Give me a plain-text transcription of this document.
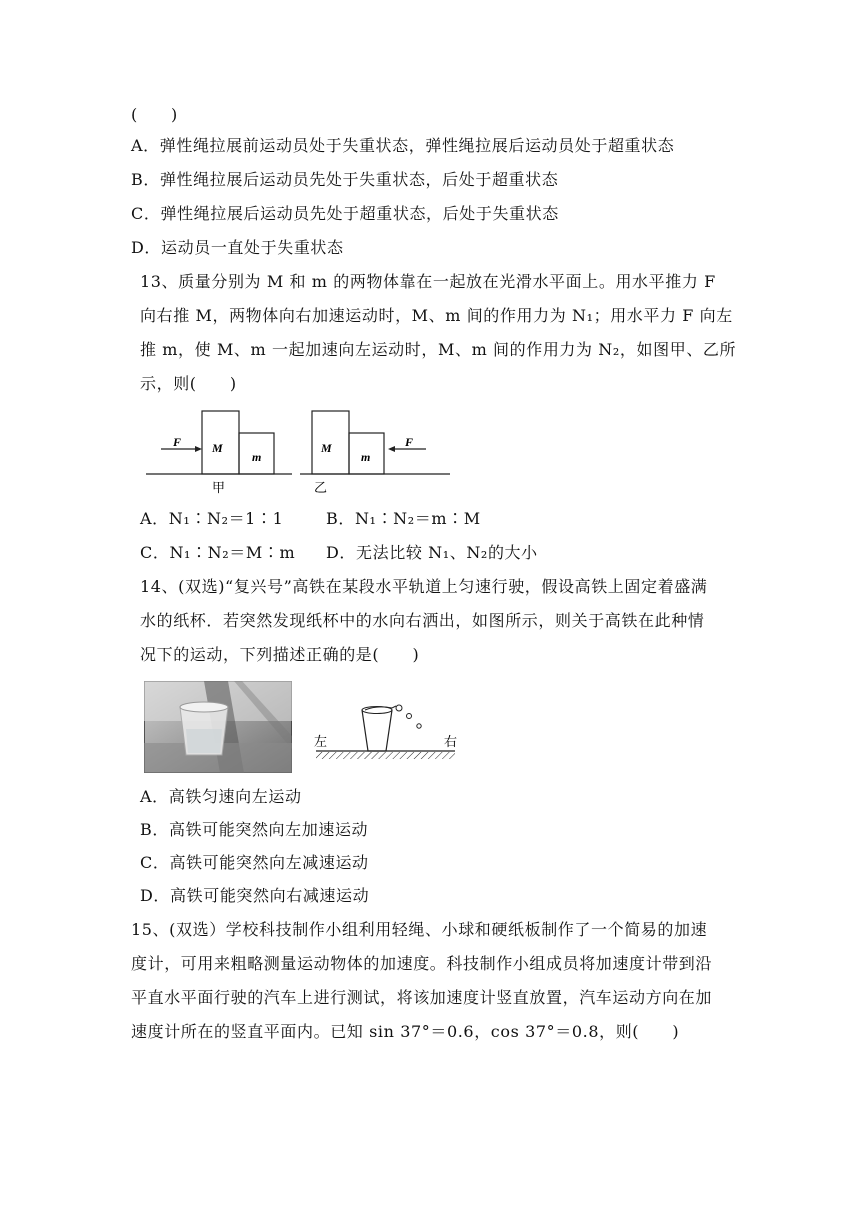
(　　)
A．弹性绳拉展前运动员处于失重状态，弹性绳拉展后运动员处于超重状态
B．弹性绳拉展后运动员先处于失重状态，后处于超重状态
C．弹性绳拉展后运动员先处于超重状态，后处于失重状态
D．运动员一直处于失重状态
13、质量分别为 M 和 m 的两物体靠在一起放在光滑水平面上。用水平推力 F
向右推 M，两物体向右加速运动时，M、m 间的作用力为 N₁；用水平力 F 向左
推 m，使 M、m 一起加速向左运动时，M、m 间的作用力为 N₂，如图甲、乙所
示，则(　　)
F	M
m
甲
F
M
m
乙
A．N₁∶N₂＝1∶1	B．N₁∶N₂＝m∶M
C．N₁∶N₂＝M∶m D．无法比较 N₁、N₂的大小
14、(双选)“复兴号”高铁在某段水平轨道上匀速行驶，假设高铁上固定着盛满
水的纸杯．若突然发现纸杯中的水向右洒出，如图所示，则关于高铁在此种情
况下的运动，下列描述正确的是(　　)
左	右
A．高铁匀速向左运动
B．高铁可能突然向左加速运动
C．高铁可能突然向左减速运动
D．高铁可能突然向右减速运动
15、(双选）学校科技制作小组利用轻绳、小球和硬纸板制作了一个简易的加速
度计，可用来粗略测量运动物体的加速度。科技制作小组成员将加速度计带到沿
平直水平面行驶的汽车上进行测试，将该加速度计竖直放置，汽车运动方向在加
速度计所在的竖直平面内。已知 sin 37°＝0.6，cos 37°＝0.8，则(　　)
